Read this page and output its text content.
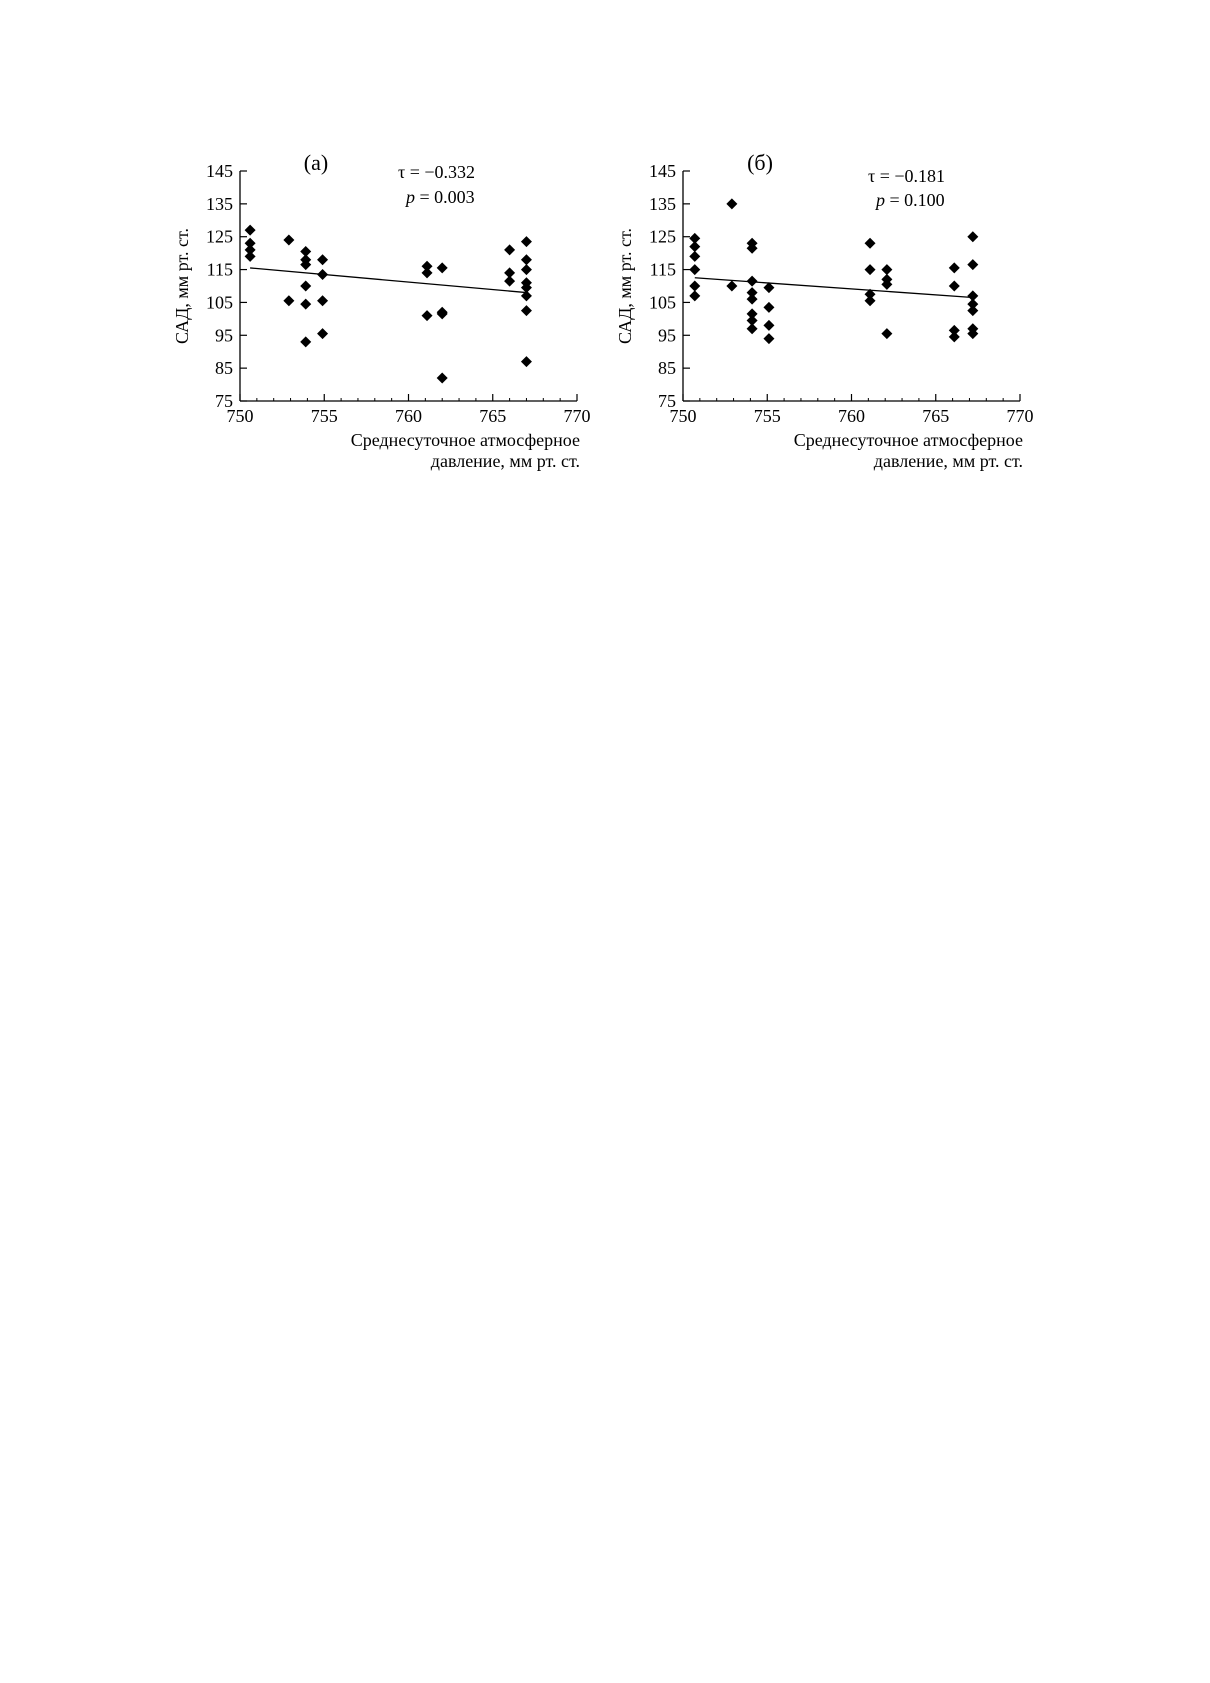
75
85
95
105
115
125
135
145
750	755	760	765	770
Среднесуточное атмосферное
давление, мм рт. ст.
САД, мм рт. ст.
(а)	τ = −0.332
p = 0.003
75
85
95
105
115
125
135
145
750	755	760	765	770
Среднесуточное атмосферное
давление, мм рт. ст.
САД, мм рт. ст.
(б)
τ = −0.181
p = 0.100
